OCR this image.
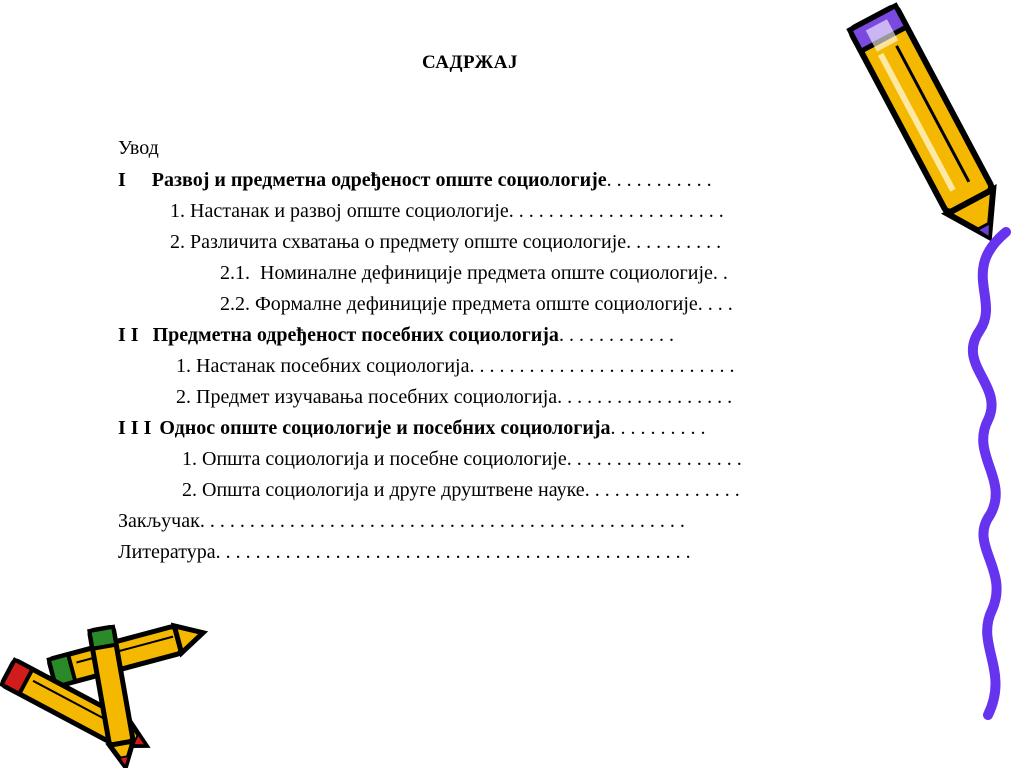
САДРЖАЈ

Увод

I Развој и предметна одређеност опште социологије. . . . . . . . . . .

1. Настанак и развој опште социологије. . . . . . . . . . . . . . . . . . . . . .

2. Различита схватања о предмету опште социологије. . . . . . . . . .

2.1.  Номиналне дефиниције предмета опште социологије. .

2.2. Формалне дефиниције предмета опште социологије. . . .

I I Предметна одређеност посебних социологија. . . . . . . . . . . .

1. Настанак посебних социологија. . . . . . . . . . . . . . . . . . . . . . . . . . .

2. Предмет изучавања посебних социологија. . . . . . . . . . . . . . . . . .

I I I Однос опште социологије и посебних социологија. . . . . . . . . .

1. Општа социологија и посебне социологије. . . . . . . . . . . . . . . . . .

2. Општа социологија и друге друштвене науке. . . . . . . . . . . . . . . .

Закључак. . . . . . . . . . . . . . . . . . . . . . . . . . . . . . . . . . . . . . . . . . . . . . . . .

Литература. . . . . . . . . . . . . . . . . . . . . . . . . . . . . . . . . . . . . . . . . . . . . . . .
